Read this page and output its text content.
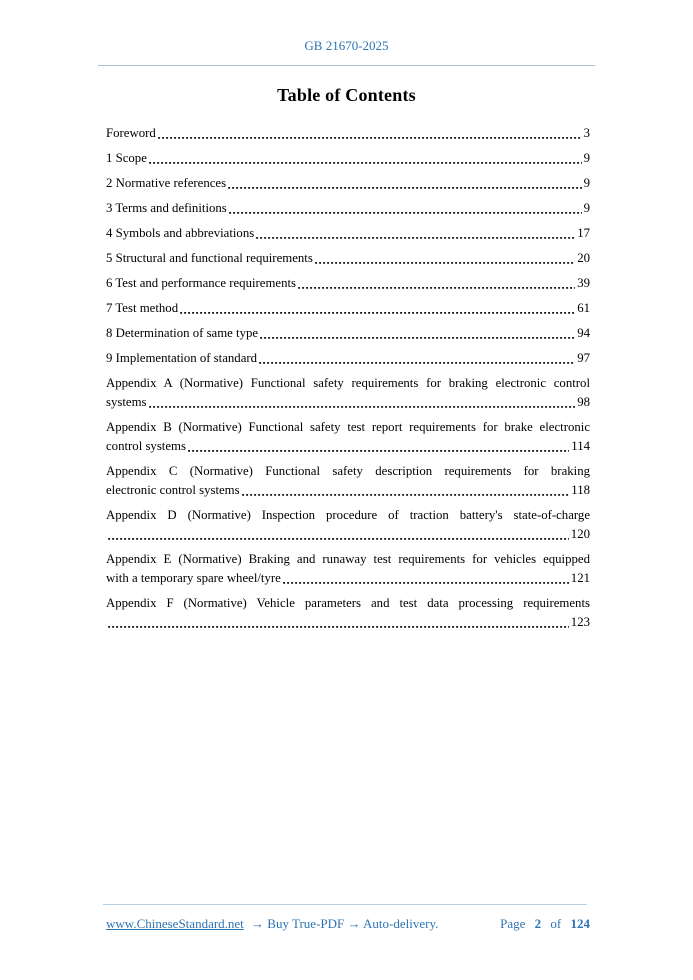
GB 21670-2025
Table of Contents
Foreword	3
1 Scope	9
2 Normative references	9
3 Terms and definitions	9
4 Symbols and abbreviations	17
5 Structural and functional requirements	20
6 Test and performance requirements	39
7 Test method	61
8 Determination of same type	94
9 Implementation of standard	97
Appendix A (Normative) Functional safety requirements for braking electronic control
systems	98
Appendix B (Normative) Functional safety test report requirements for brake electronic
control systems	114
Appendix C (Normative) Functional safety description requirements for braking
electronic control systems	118
Appendix D (Normative) Inspection procedure of traction battery's state-of-charge
120
Appendix E (Normative) Braking and runaway test requirements for vehicles equipped
with a temporary spare wheel/tyre	121
Appendix F (Normative) Vehicle parameters and test data processing requirements
123
www.ChineseStandard.net → Buy True-PDF → Auto-delivery.	Page 2 of 124
